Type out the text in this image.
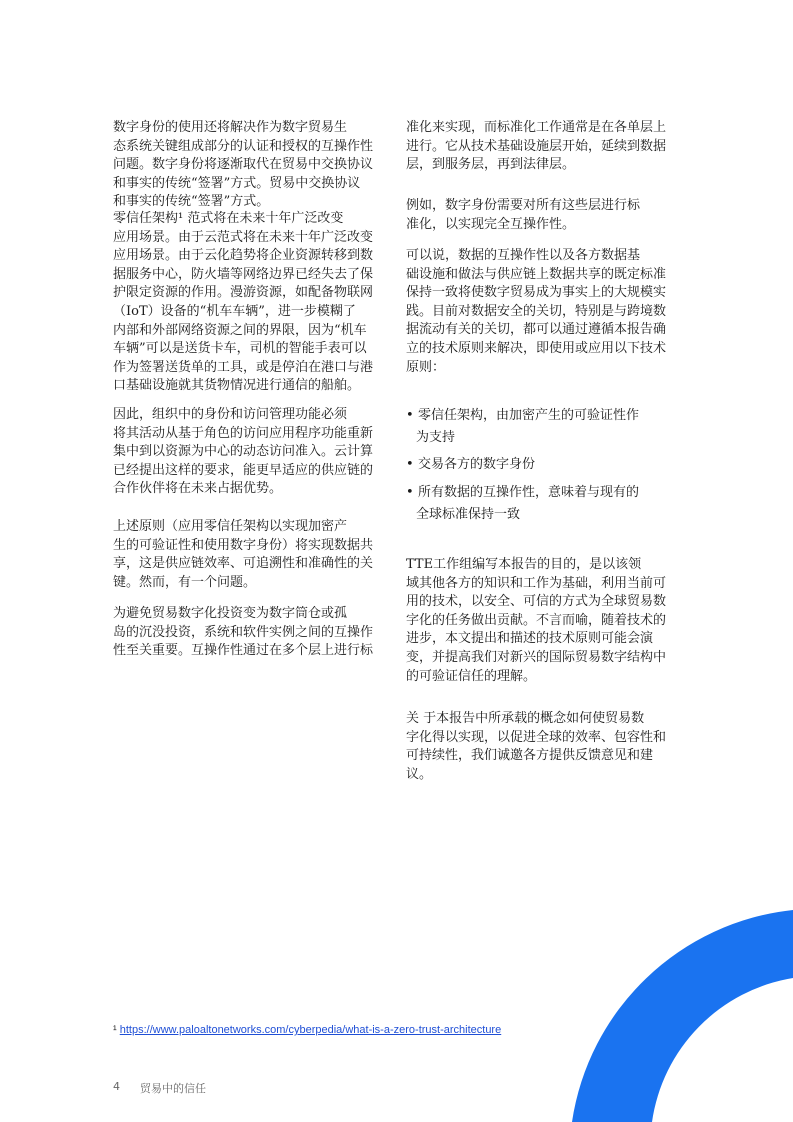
数字身份的使用还将解决作为数字贸易生
态系统关键组成部分的认证和授权的互操作性
问题。数字身份将逐渐取代在贸易中交换协议
和事实的传统“签署”方式。贸易中交换协议
和事实的传统“签署”方式。
零信任架构¹ 范式将在未来十年广泛改变
应用场景。由于云范式将在未来十年广泛改变
应用场景。由于云化趋势将企业资源转移到数
据服务中心，防火墙等网络边界已经失去了保
护限定资源的作用。漫游资源，如配备物联网
（IoT）设备的“机车车辆”，进一步模糊了
内部和外部网络资源之间的界限，因为“机车
车辆”可以是送货卡车，司机的智能手表可以
作为签署送货单的工具，或是停泊在港口与港
口基础设施就其货物情况进行通信的船舶。
因此，组织中的身份和访问管理功能必须
将其活动从基于角色的访问应用程序功能重新
集中到以资源为中心的动态访问准入。云计算
已经提出这样的要求，能更早适应的供应链的
合作伙伴将在未来占据优势。
上述原则（应用零信任架构以实现加密产
生的可验证性和使用数字身份）将实现数据共
享，这是供应链效率、可追溯性和准确性的关
键。然而，有一个问题。
为避免贸易数字化投资变为数字筒仓或孤
岛的沉没投资，系统和软件实例之间的互操作
性至关重要。互操作性通过在多个层上进行标
准化来实现，而标准化工作通常是在各单层上
进行。它从技术基础设施层开始，延续到数据
层，到服务层，再到法律层。
例如，数字身份需要对所有这些层进行标
准化，以实现完全互操作性。
可以说，数据的互操作性以及各方数据基
础设施和做法与供应链上数据共享的既定标准
保持一致将使数字贸易成为事实上的大规模实
践。目前对数据安全的关切，特别是与跨境数
据流动有关的关切，都可以通过遵循本报告确
立的技术原则来解决，即使用或应用以下技术
原则：
• 零信任架构，由加密产生的可验证性作
为支持
• 交易各方的数字身份
• 所有数据的互操作性，意味着与现有的
全球标准保持一致
TTE工作组编写本报告的目的，是以该领
域其他各方的知识和工作为基础，利用当前可
用的技术，以安全、可信的方式为全球贸易数
字化的任务做出贡献。不言而喻，随着技术的
进步，本文提出和描述的技术原则可能会演
变，并提高我们对新兴的国际贸易数字结构中
的可验证信任的理解。
关 于本报告中所承载的概念如何使贸易数
字化得以实现，以促进全球的效率、包容性和
可持续性，我们诚邀各方提供反馈意见和建
议。
¹ https://www.paloaltonetworks.com/cyberpedia/what-is-a-zero-trust-architecture
4 贸易中的信任
